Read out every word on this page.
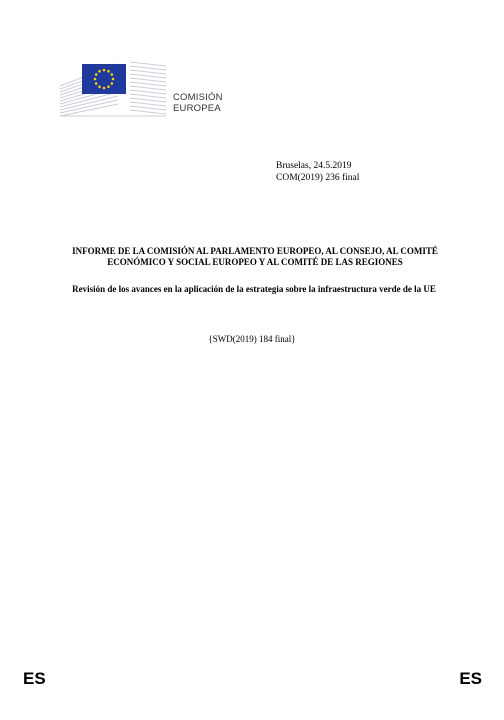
COMISIÓN
EUROPEA
Bruselas, 24.5.2019
COM(2019) 236 final
INFORME DE LA COMISIÓN AL PARLAMENTO EUROPEO, AL CONSEJO, AL COMITÉ ECONÓMICO Y SOCIAL EUROPEO Y AL COMITÉ DE LAS REGIONES
Revisión de los avances en la aplicación de la estrategia sobre la infraestructura verde de la UE
{SWD(2019) 184 final}
ES	ES
